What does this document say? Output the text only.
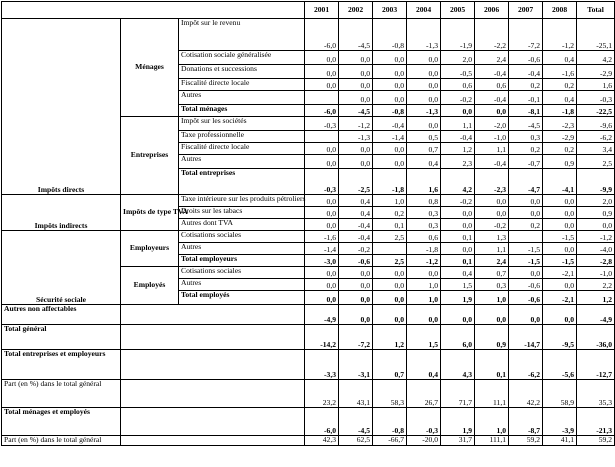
			2001	2002	2003	2004	2005	2006	2007	2008	Total
Impôts directs	Ménages	Impôt sur le revenu	-6,0	-4,5	-0,8	-1,3	-1,9	-2,2	-7,2	-1,2	-25,1
		Cotisation sociale généralisée	0,0	0,0	0,0	0,0	2,0	2,4	-0,6	0,4	4,2
		Donations et successions	0,0	0,0	0,0	0,0	-0,5	-0,4	-0,4	-1,6	-2,9
		Fiscalité directe locale	0,0	0,0	0,0	0,0	0,6	0,6	0,2	0,2	1,6
		Autres		0,0	0,0	0,0	-0,2	-0,4	-0,1	0,4	-0,3
		Total ménages	-6,0	-4,5	-0,8	-1,3	0,0	0,0	-8,1	-1,8	-22,5
	Entreprises	Impôt sur les sociétés	-0,3	-1,2	-0,4	0,0	1,1	-2,0	-4,5	-2,3	-9,6
		Taxe professionnelle		-1,3	-1,4	0,5	-0,4	-1,0	0,3	-2,9	-6,2
		Fiscalité directe locale	0,0	0,0	0,0	0,7	1,2	1,1	0,2	0,2	3,4
		Autres	0,0	0,0	0,0	0,4	2,3	-0,4	-0,7	0,9	2,5
		Total entreprises	-0,3	-2,5	-1,8	1,6	4,2	-2,3	-4,7	-4,1	-9,9
Impôts indirects	Impôts de type TVA	Taxe intérieure sur les produits pétroliers	0,0	0,4	1,0	0,8	-0,2	0,0	0,0	0,0	2,0
		Droits sur les tabacs	0,0	0,4	0,2	0,3	0,0	0,0	0,0	0,0	0,9
		Autres dont TVA	0,0	-0,4	0,1	0,3	0,0	-0,2	0,2	0,0	0,0
Sécurité sociale	Employeurs	Cotisations sociales	-1,6	-0,4	2,5	0,6	0,1	1,3		-1,5	-1,2
		Autres	-1,4	-0,2		-1,8	0,0	1,1	-1,5	0,0	-4,0
		Total employeurs	-3,0	-0,6	2,5	-1,2	0,1	2,4	-1,5	-1,5	-2,8
	Employés	Cotisations sociales	0,0	0,0	0,0	0,0	0,4	0,7	0,0	-2,1	-1,0
		Autres	0,0	0,0	0,0	1,0	1,5	0,3	-0,6	0,0	2,2
		Total employés	0,0	0,0	0,0	1,0	1,9	1,0	-0,6	-2,1	1,2
Autres non affectables			-4,9	0,0	0,0	0,0	0,0	0,0	0,0	0,0	-4,9
Total général			-14,2	-7,2	1,2	1,5	6,0	0,9	-14,7	-9,5	-36,0
Total entreprises et employeurs			-3,3	-3,1	0,7	0,4	4,3	0,1	-6,2	-5,6	-12,7
Part (en %) dans le total général			23,2	43,1	58,3	26,7	71,7	11,1	42,2	58,9	35,3
Total ménages et employés			-6,0	-4,5	-0,8	-0,3	1,9	1,0	-8,7	-3,9	-21,3
Part (en %) dans le total général			42,3	62,5	-66,7	-20,0	31,7	111,1	59,2	41,1	59,2
